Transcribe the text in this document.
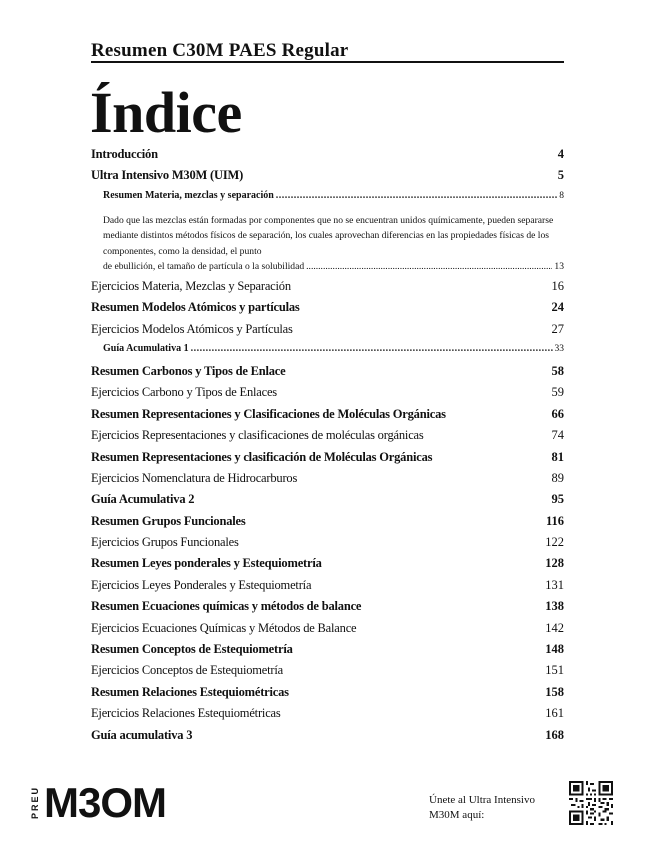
Resumen C30M PAES Regular
Índice
Introducción	4
Ultra Intensivo M30M (UIM)	5
Resumen Materia, mezclas y separación .....	8
Dado que las mezclas están formadas por componentes que no se encuentran unidos químicamente, pueden separarse mediante distintos métodos físicos de separación, los cuales aprovechan diferencias en las propiedades físicas de los componentes, como la densidad, el punto
de ebullición, el tamaño de partícula o la solubilidad .....	13
Ejercicios Materia, Mezclas y Separación	16
Resumen Modelos Atómicos y partículas	24
Ejercicios Modelos Atómicos y Partículas	27
Guía Acumulativa 1 .....	33
Resumen Carbonos y Tipos de Enlace	58
Ejercicios Carbono y Tipos de Enlaces	59
Resumen Representaciones y Clasificaciones de Moléculas Orgánicas	66
Ejercicios Representaciones y clasificaciones de moléculas orgánicas	74
Resumen Representaciones y clasificación de Moléculas Orgánicas	81
Ejercicios Nomenclatura de Hidrocarburos	89
Guía Acumulativa 2	95
Resumen Grupos Funcionales	116
Ejercicios Grupos Funcionales	122
Resumen Leyes ponderales y Estequiometría	128
Ejercicios Leyes Ponderales y Estequiometría	131
Resumen Ecuaciones químicas y métodos de balance	138
Ejercicios Ecuaciones Químicas y Métodos de Balance	142
Resumen Conceptos de Estequiometría	148
Ejercicios Conceptos de Estequiometría	151
Resumen Relaciones Estequiométricas	158
Ejercicios Relaciones Estequiométricas	161
Guía acumulativa 3	168
PREU M3OM	Únete al Ultra Intensivo
M30M aquí:
